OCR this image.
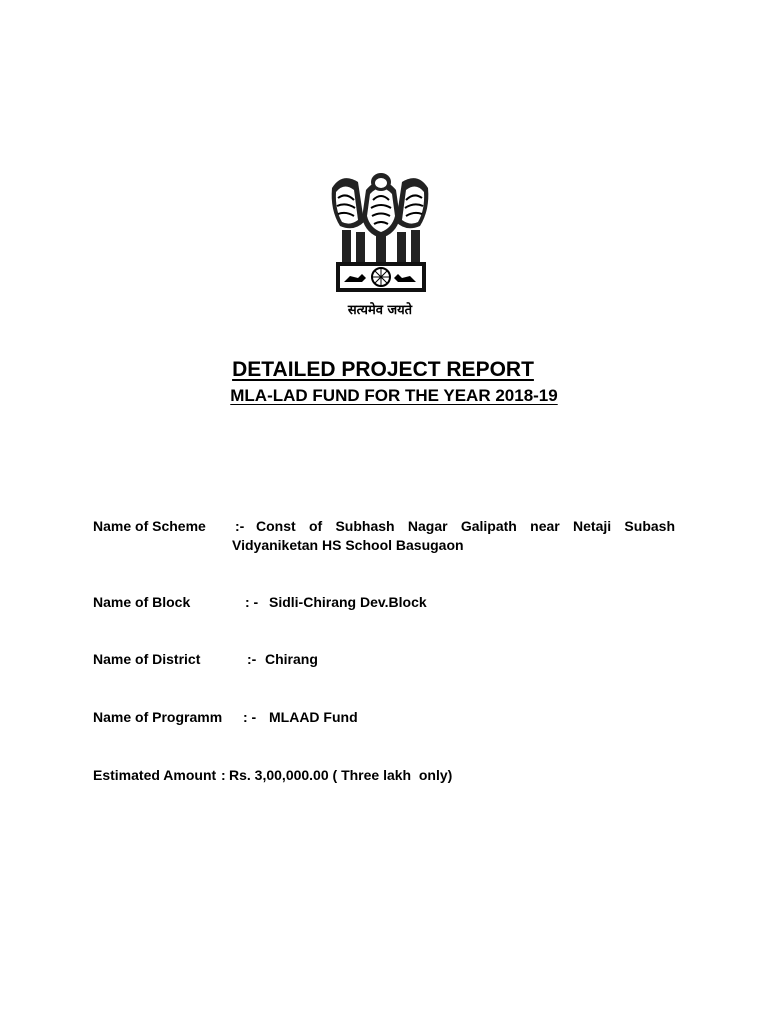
सत्यमेव जयते
DETAILED PROJECT REPORT
MLA-LAD FUND FOR THE YEAR 2018-19
Name of Scheme :- Const of Subhash Nagar Galipath near Netaji Subash
Vidyaniketan HS School Basugaon
Name of Block	: - Sidli-Chirang Dev.Block
Name of District	:- Chirang
Name of Programm : - MLAAD Fund
Estimated Amount : Rs. 3,00,000.00 ( Three lakh  only)
